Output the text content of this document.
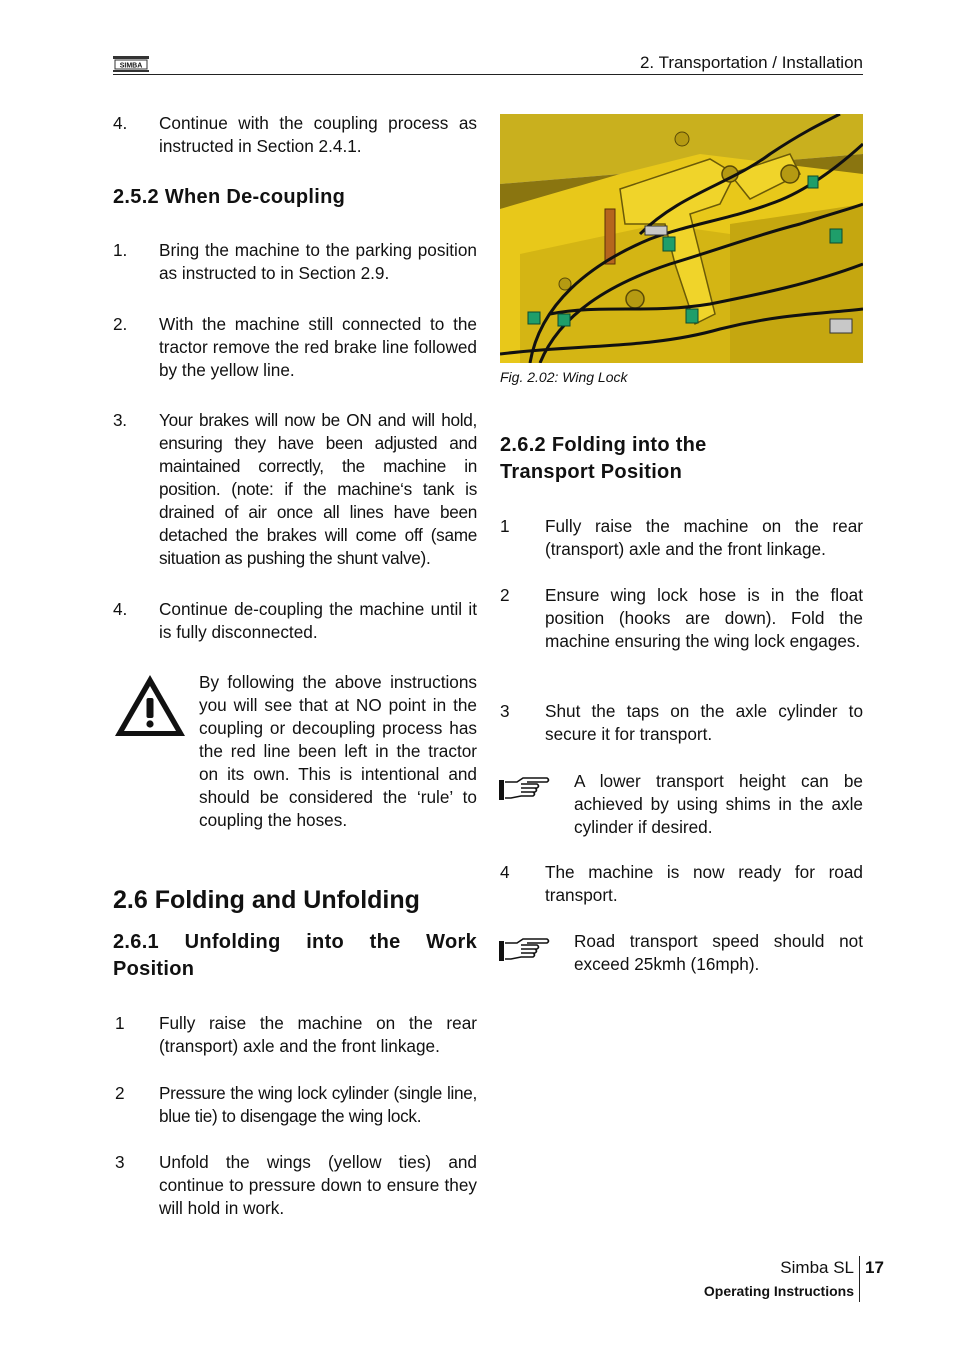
SIMBA	2. Transportation / Installation
4. Continue with the coupling process as instructed in Section 2.4.1.
2.5.2 When De-coupling
1. Bring the machine to the parking position as instructed to in Section 2.9.
2. With the machine still connected to the tractor remove the red brake line followed by the yellow line.
3. Your brakes will now be ON and will hold, ensuring they have been adjusted and maintained correctly, the machine in position. (note: if the machine‘s tank is drained of air once all lines have been detached the brakes will come off (same situation as pushing the shunt valve).
4. Continue de-coupling the machine until it is fully disconnected.
By following the above instructions you will see that at NO point in the coupling or decoupling process has the red line been left in the tractor on its own. This is intentional and should be considered the ‘rule’ to coupling the hoses.
2.6 Folding and Unfolding
2.6.1 Unfolding into the Work Position
1 Fully raise the machine on the rear (transport) axle and the front linkage.
2 Pressure the wing lock cylinder (single line, blue tie) to disengage the wing lock.
3 Unfold the wings (yellow ties) and continue to pressure down to ensure they will hold in work.
Fig. 2.02: Wing Lock
2.6.2 Folding into the Transport Position
1 Fully raise the machine on the rear (transport) axle and the front linkage.
2 Ensure wing lock hose is in the float position (hooks are down). Fold the machine ensuring the wing lock engages.
3 Shut the taps on the axle cylinder to secure it for transport.
A lower transport height can be achieved by using shims in the axle cylinder if desired.
4 The machine is now ready for road transport.
Road transport speed should not exceed 25kmh (16mph).
Simba SL 17
Operating Instructions
